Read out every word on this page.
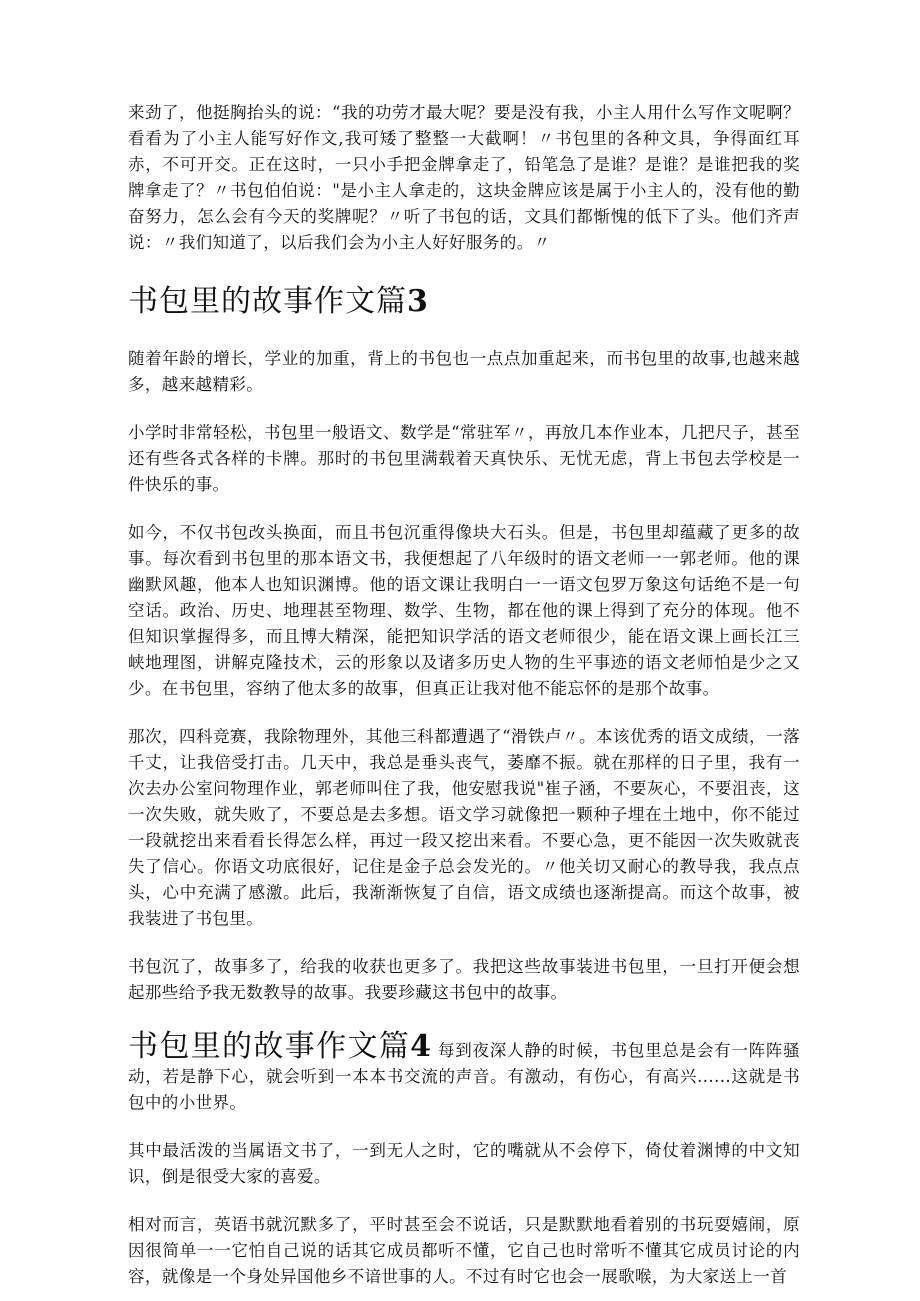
来劲了，他挺胸抬头的说：“我的功劳才最大呢？要是没有我，小主人用什么写作文呢啊？看看为了小主人能写好作文,我可矮了整整一大截啊！〃书包里的各种文具，争得面红耳赤，不可开交。正在这时，一只小手把金牌拿走了，铅笔急了是谁？是谁？是谁把我的奖牌拿走了？〃书包伯伯说："是小主人拿走的，这块金牌应该是属于小主人的，没有他的勤奋努力，怎么会有今天的奖牌呢？〃听了书包的话，文具们都惭愧的低下了头。他们齐声说：〃我们知道了，以后我们会为小主人好好服务的。〃

书包里的故事作文篇3

随着年龄的增长，学业的加重，背上的书包也一点点加重起来，而书包里的故事,也越来越多，越来越精彩。

小学时非常轻松，书包里一般语文、数学是“常驻军〃，再放几本作业本，几把尺子，甚至还有些各式各样的卡牌。那时的书包里满载着天真快乐、无忧无虑，背上书包去学校是一件快乐的事。

如今，不仅书包改头换面，而且书包沉重得像块大石头。但是，书包里却蕴藏了更多的故事。每次看到书包里的那本语文书，我便想起了八年级时的语文老师一一郭老师。他的课幽默风趣，他本人也知识渊博。他的语文课让我明白一一语文包罗万象这句话绝不是一句空话。政治、历史、地理甚至物理、数学、生物，都在他的课上得到了充分的体现。他不但知识掌握得多，而且博大精深，能把知识学活的语文老师很少，能在语文课上画长江三峡地理图，讲解克隆技术，云的形象以及诸多历史人物的生平事迹的语文老师怕是少之又少。在书包里，容纳了他太多的故事，但真正让我对他不能忘怀的是那个故事。

那次，四科竞赛，我除物理外，其他三科都遭遇了“滑铁卢〃。本该优秀的语文成绩，一落千丈，让我倍受打击。几天中，我总是垂头丧气，萎靡不振。就在那样的日子里，我有一次去办公室问物理作业，郭老师叫住了我，他安慰我说"崔子涵，不要灰心，不要沮丧，这一次失败，就失败了，不要总是去多想。语文学习就像把一颗种子埋在土地中，你不能过一段就挖出来看看长得怎么样，再过一段又挖出来看。不要心急，更不能因一次失败就丧失了信心。你语文功底很好，记住是金子总会发光的。〃他关切又耐心的教导我，我点点头，心中充满了感激。此后，我渐渐恢复了自信，语文成绩也逐渐提高。而这个故事，被我装进了书包里。

书包沉了，故事多了，给我的收获也更多了。我把这些故事装进书包里，一旦打开便会想起那些给予我无数教导的故事。我要珍藏这书包中的故事。

书包里的故事作文篇4 每到夜深人静的时候，书包里总是会有一阵阵骚动，若是静下心，就会听到一本本书交流的声音。有激动，有伤心，有高兴......这就是书包中的小世界。

其中最活泼的当属语文书了，一到无人之时，它的嘴就从不会停下，倚仗着渊博的中文知识，倒是很受大家的喜爱。

相对而言，英语书就沉默多了，平时甚至会不说话，只是默默地看着别的书玩耍嬉闹，原因很简单一一它怕自己说的话其它成员都听不懂，它自己也时常听不懂其它成员讨论的内容，就像是一个身处异国他乡不谙世事的人。不过有时它也会一展歌喉，为大家送上一首
